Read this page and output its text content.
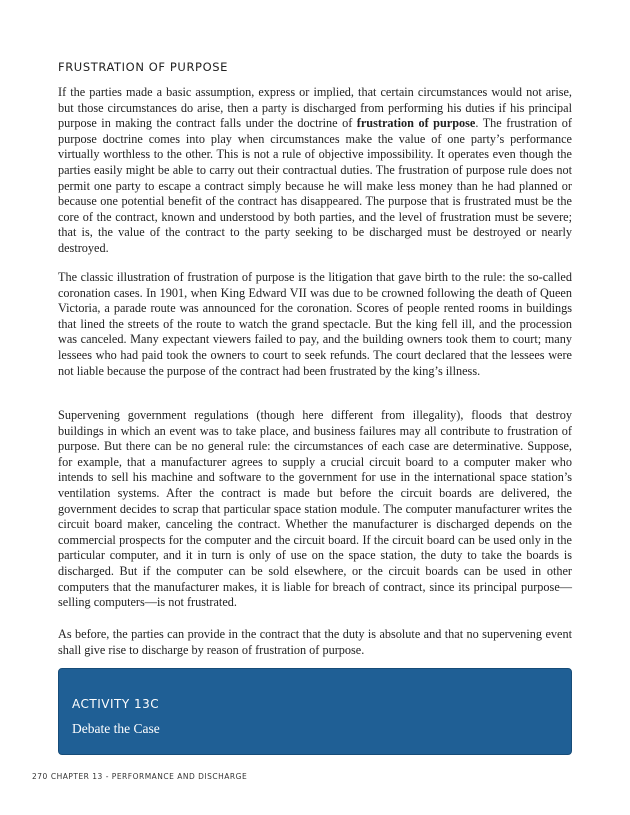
FRUSTRATION OF PURPOSE

If the parties made a basic assumption, express or implied, that certain circumstances would not arise, but those circumstances do arise, then a party is discharged from performing his duties if his principal purpose in making the contract falls under the doctrine of frustration of purpose. The frustration of purpose doctrine comes into play when circumstances make the value of one party’s performance virtually worthless to the other. This is not a rule of objective impossibility. It operates even though the parties easily might be able to carry out their contractual duties. The frustration of purpose rule does not permit one party to escape a contract simply because he will make less money than he had planned or because one potential benefit of the contract has disappeared. The purpose that is frustrated must be the core of the contract, known and understood by both parties, and the level of frustration must be severe; that is, the value of the contract to the party seeking to be discharged must be destroyed or nearly destroyed.

The classic illustration of frustration of purpose is the litigation that gave birth to the rule: the so-called coronation cases. In 1901, when King Edward VII was due to be crowned following the death of Queen Victoria, a parade route was announced for the coronation. Scores of people rented rooms in buildings that lined the streets of the route to watch the grand spectacle. But the king fell ill, and the procession was canceled. Many expectant viewers failed to pay, and the building owners took them to court; many lessees who had paid took the owners to court to seek refunds. The court declared that the lessees were not liable because the purpose of the contract had been frustrated by the king’s illness.

Supervening government regulations (though here different from illegality), floods that destroy buildings in which an event was to take place, and business failures may all contribute to frustration of purpose. But there can be no general rule: the circumstances of each case are determinative. Suppose, for example, that a manufacturer agrees to supply a crucial circuit board to a computer maker who intends to sell his machine and software to the government for use in the international space station’s ventilation systems. After the contract is made but before the circuit boards are delivered, the government decides to scrap that particular space station module. The computer manufacturer writes the circuit board maker, canceling the contract. Whether the manufacturer is discharged depends on the commercial prospects for the computer and the circuit board. If the circuit board can be used only in the particular computer, and it in turn is only of use on the space station, the duty to take the boards is discharged. But if the computer can be sold elsewhere, or the circuit boards can be used in other computers that the manufacturer makes, it is liable for breach of contract, since its principal purpose—selling computers—is not frustrated.

As before, the parties can provide in the contract that the duty is absolute and that no supervening event shall give rise to discharge by reason of frustration of purpose.

ACTIVITY 13C
Debate the Case
270 CHAPTER 13 - PERFORMANCE AND DISCHARGE
